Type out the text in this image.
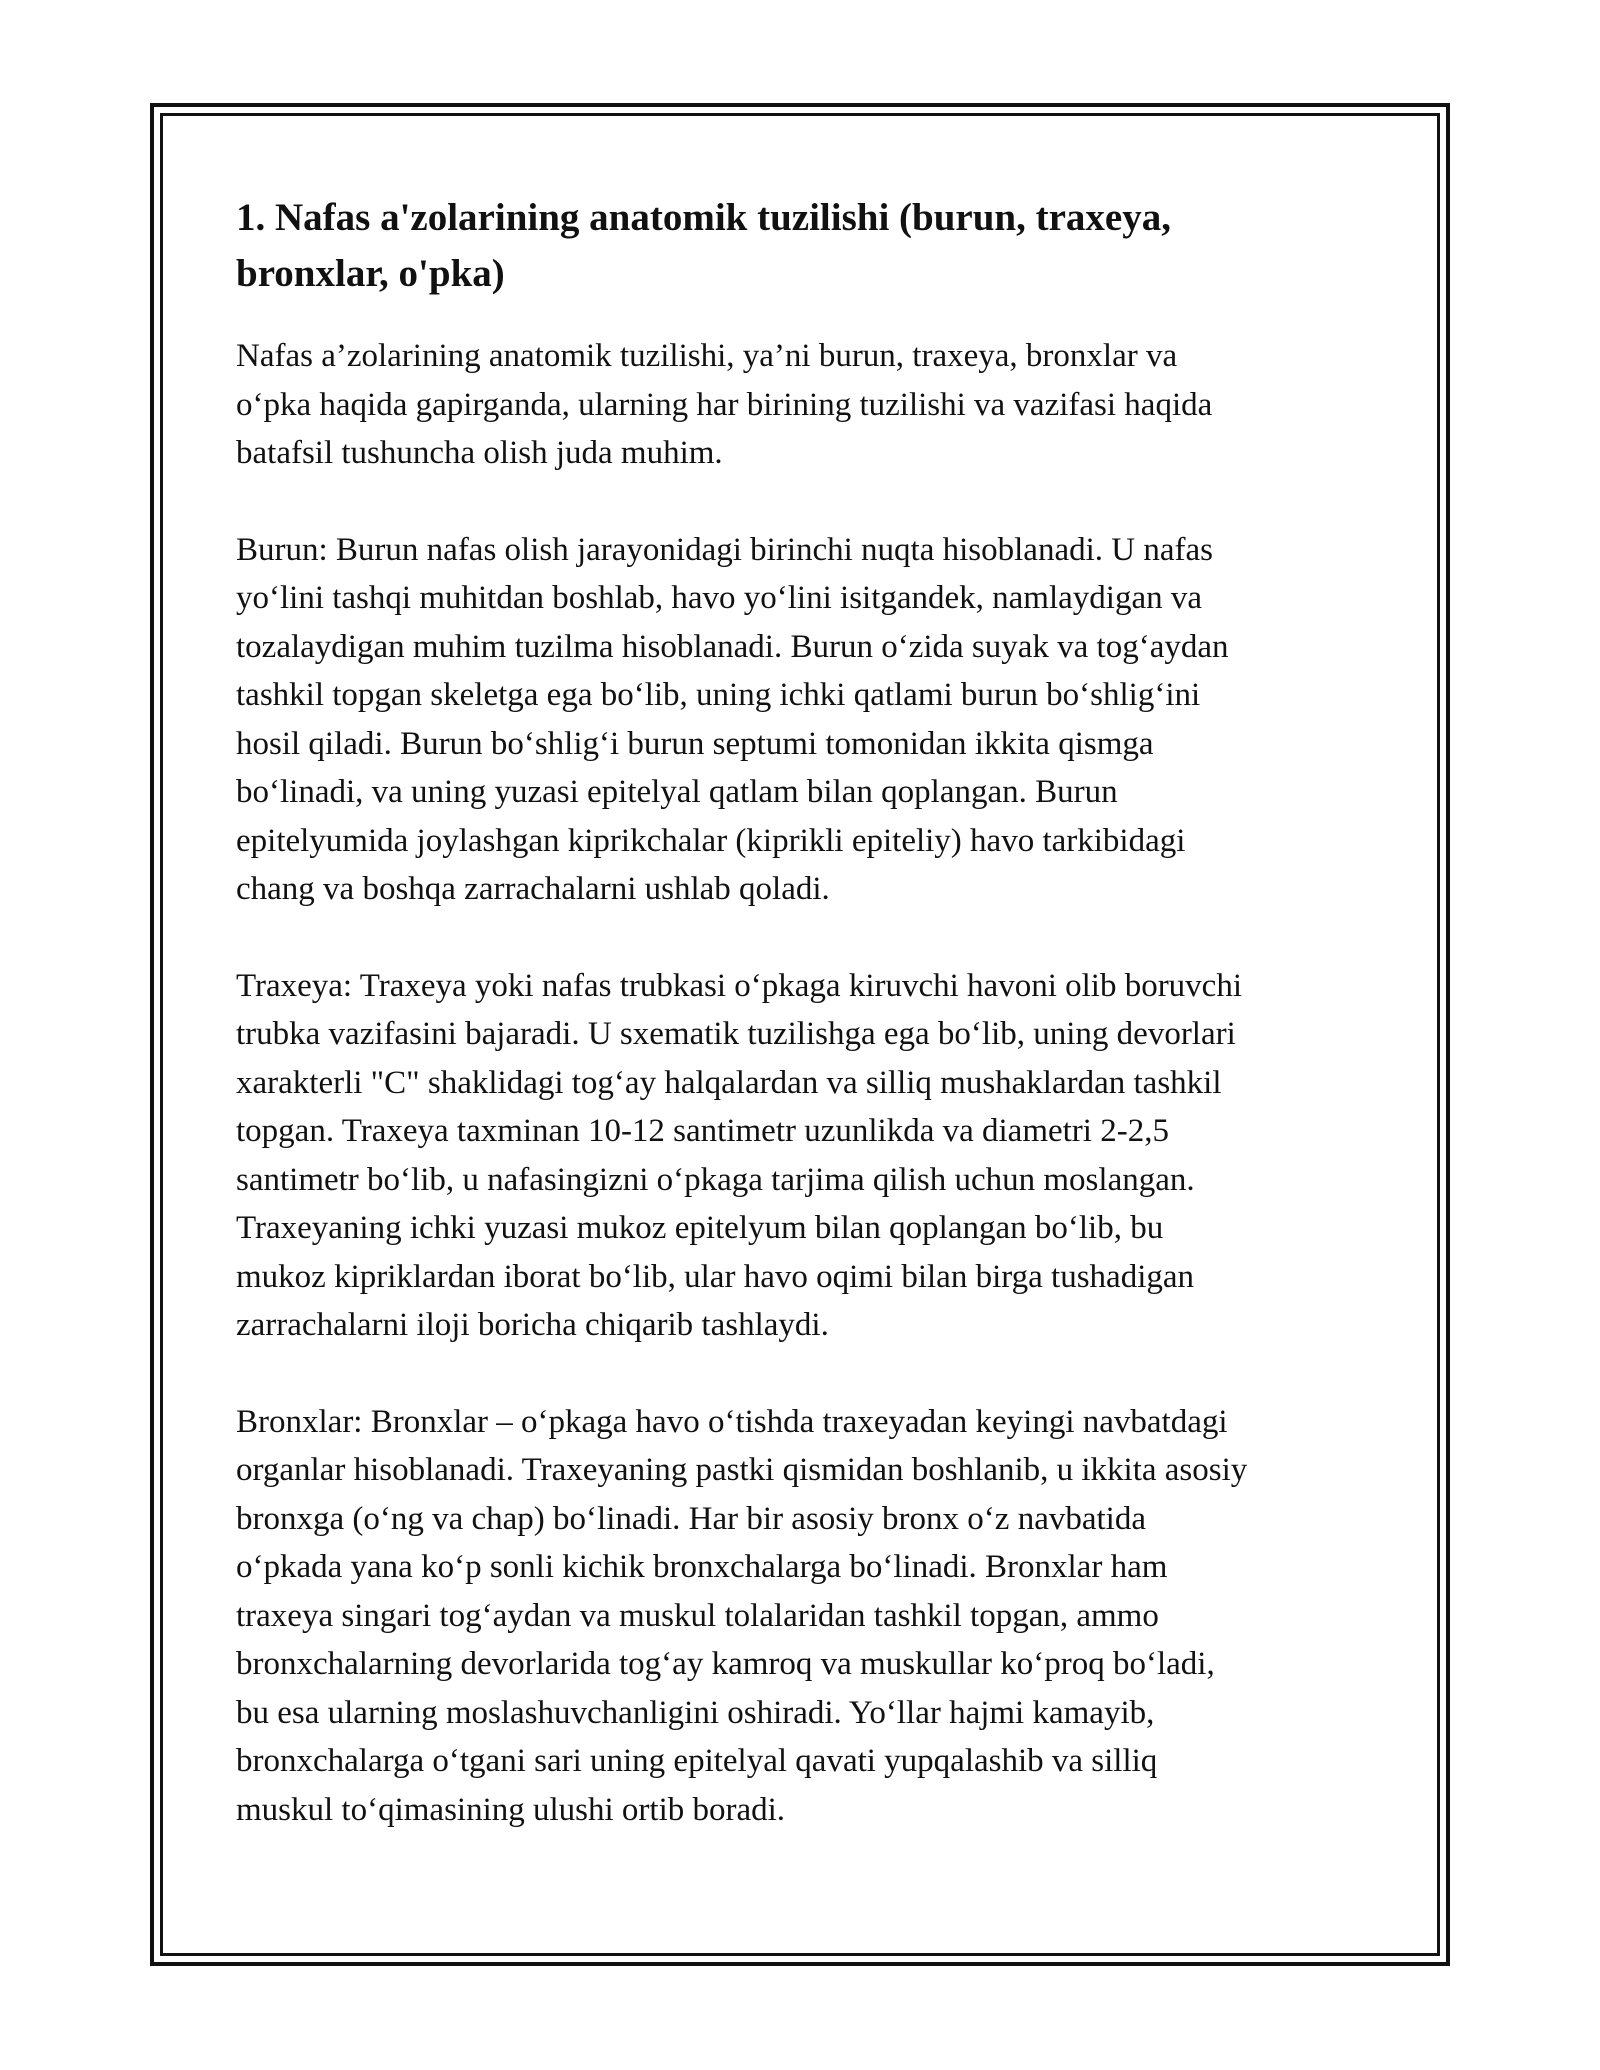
1. Nafas a'zolarining anatomik tuzilishi (burun, traxeya,
bronxlar, o'pka)

Nafas a’zolarining anatomik tuzilishi, ya’ni burun, traxeya, bronxlar va
o‘pka haqida gapirganda, ularning har birining tuzilishi va vazifasi haqida
batafsil tushuncha olish juda muhim.

Burun: Burun nafas olish jarayonidagi birinchi nuqta hisoblanadi. U nafas
yo‘lini tashqi muhitdan boshlab, havo yo‘lini isitgandek, namlaydigan va
tozalaydigan muhim tuzilma hisoblanadi. Burun o‘zida suyak va tog‘aydan
tashkil topgan skeletga ega bo‘lib, uning ichki qatlami burun bo‘shlig‘ini
hosil qiladi. Burun bo‘shlig‘i burun septumi tomonidan ikkita qismga
bo‘linadi, va uning yuzasi epitelyal qatlam bilan qoplangan. Burun
epitelyumida joylashgan kiprikchalar (kiprikli epiteliy) havo tarkibidagi
chang va boshqa zarrachalarni ushlab qoladi.

Traxeya: Traxeya yoki nafas trubkasi o‘pkaga kiruvchi havoni olib boruvchi
trubka vazifasini bajaradi. U sxematik tuzilishga ega bo‘lib, uning devorlari
xarakterli "C" shaklidagi tog‘ay halqalardan va silliq mushaklardan tashkil
topgan. Traxeya taxminan 10-12 santimetr uzunlikda va diametri 2-2,5
santimetr bo‘lib, u nafasingizni o‘pkaga tarjima qilish uchun moslangan.
Traxeyaning ichki yuzasi mukoz epitelyum bilan qoplangan bo‘lib, bu
mukoz kipriklardan iborat bo‘lib, ular havo oqimi bilan birga tushadigan
zarrachalarni iloji boricha chiqarib tashlaydi.

Bronxlar: Bronxlar – o‘pkaga havo o‘tishda traxeyadan keyingi navbatdagi
organlar hisoblanadi. Traxeyaning pastki qismidan boshlanib, u ikkita asosiy
bronxga (o‘ng va chap) bo‘linadi. Har bir asosiy bronx o‘z navbatida
o‘pkada yana ko‘p sonli kichik bronxchalarga bo‘linadi. Bronxlar ham
traxeya singari tog‘aydan va muskul tolalaridan tashkil topgan, ammo
bronxchalarning devorlarida tog‘ay kamroq va muskullar ko‘proq bo‘ladi,
bu esa ularning moslashuvchanligini oshiradi. Yo‘llar hajmi kamayib,
bronxchalarga o‘tgani sari uning epitelyal qavati yupqalashib va silliq
muskul to‘qimasining ulushi ortib boradi.
